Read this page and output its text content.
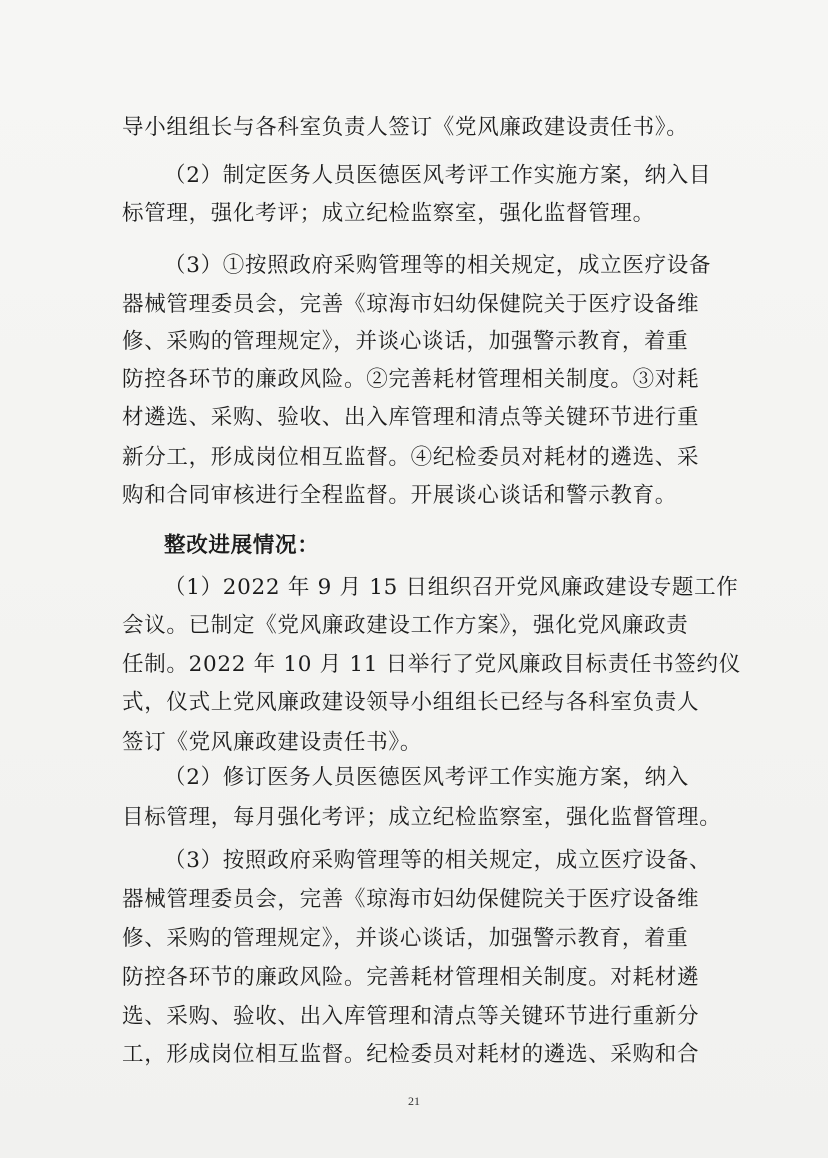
导小组组长与各科室负责人签订《党风廉政建设责任书》。
（2）制定医务人员医德医风考评工作实施方案，纳入目
标管理，强化考评；成立纪检监察室，强化监督管理。
（3）①按照政府采购管理等的相关规定，成立医疗设备
器械管理委员会，完善《琼海市妇幼保健院关于医疗设备维
修、采购的管理规定》，并谈心谈话，加强警示教育，着重
防控各环节的廉政风险。②完善耗材管理相关制度。③对耗
材遴选、采购、验收、出入库管理和清点等关键环节进行重
新分工，形成岗位相互监督。④纪检委员对耗材的遴选、采
购和合同审核进行全程监督。开展谈心谈话和警示教育。
整改进展情况：
（1）2022 年 9 月 15 日组织召开党风廉政建设专题工作
会议。已制定《党风廉政建设工作方案》，强化党风廉政责
任制。2022 年 10 月 11 日举行了党风廉政目标责任书签约仪
式，仪式上党风廉政建设领导小组组长已经与各科室负责人
签订《党风廉政建设责任书》。
（2）修订医务人员医德医风考评工作实施方案，纳入
目标管理，每月强化考评；成立纪检监察室，强化监督管理。
（3）按照政府采购管理等的相关规定，成立医疗设备、
器械管理委员会，完善《琼海市妇幼保健院关于医疗设备维
修、采购的管理规定》，并谈心谈话，加强警示教育，着重
防控各环节的廉政风险。完善耗材管理相关制度。对耗材遴
选、采购、验收、出入库管理和清点等关键环节进行重新分
工，形成岗位相互监督。纪检委员对耗材的遴选、采购和合
21
